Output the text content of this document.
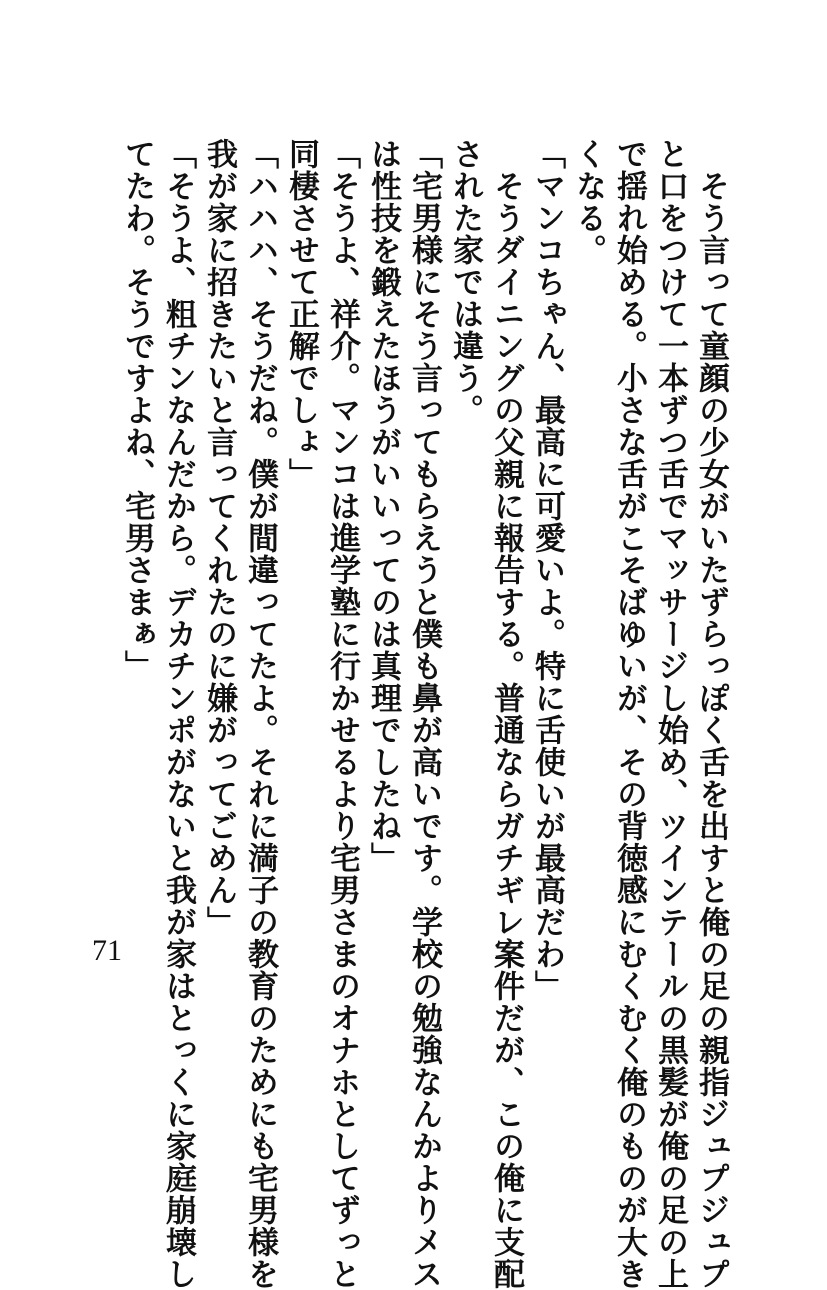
　そう言って童顔の少女がいたずらっぽく舌を出すと俺の足の親指ジュプジュプ
と口をつけて一本ずつ舌でマッサージし始め、ツインテールの黒髪が俺の足の上
で揺れ始める。小さな舌がこそばゆいが、その背徳感にむくむく俺のものが大き
くなる。
「マンコちゃん、最高に可愛いよ。特に舌使いが最高だわ」
　そうダイニングの父親に報告する。普通ならガチギレ案件だが、この俺に支配
された家では違う。
「宅男様にそう言ってもらえうと僕も鼻が高いです。学校の勉強なんかよりメス
は性技を鍛えたほうがいいってのは真理でしたね」
「そうよ、祥介。マンコは進学塾に行かせるより宅男さまのオナホとしてずっと
同棲させて正解でしょ」
「ハハハ、そうだね。僕が間違ってたよ。それに満子の教育のためにも宅男様を
我が家に招きたいと言ってくれたのに嫌がってごめん」
「そうよ、粗チンなんだから。デカチンポがないと我が家はとっくに家庭崩壊し
てたわ。そうですよね、宅男さまぁ」
71
